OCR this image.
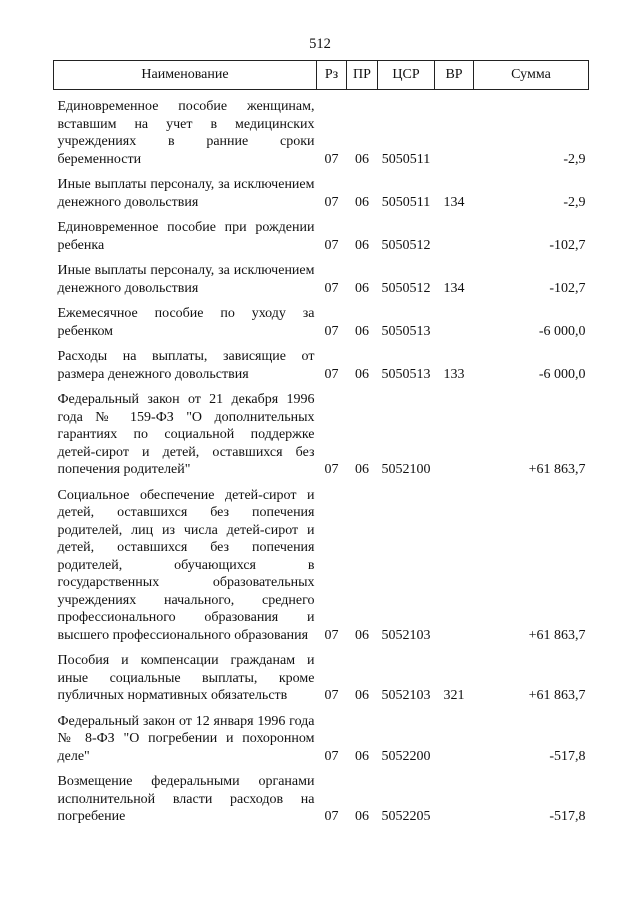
512
Наименование	Рз	ПР	ЦСР	ВР	Сумма
Единовременное пособие женщинам, вставшим на учет в медицинских учреждениях в ранние сроки беременности	07	06	5050511		-2,9
Иные выплаты персоналу, за исключением денежного довольствия	07	06	5050511	134	-2,9
Единовременное пособие при рождении ребенка	07	06	5050512		-102,7
Иные выплаты персоналу, за исключением денежного довольствия	07	06	5050512	134	-102,7
Ежемесячное пособие по уходу за ребенком	07	06	5050513		-6 000,0
Расходы на выплаты, зависящие от размера денежного довольствия	07	06	5050513	133	-6 000,0
Федеральный закон от 21 декабря 1996 года № 159-ФЗ "О дополнительных гарантиях по социальной поддержке детей-сирот и детей, оставшихся без попечения родителей"	07	06	5052100		+61 863,7
Социальное обеспечение детей-сирот и детей, оставшихся без попечения родителей, лиц из числа детей-сирот и детей, оставшихся без попечения родителей, обучающихся в государственных образовательных учреждениях начального, среднего профессионального образования и высшего профессионального образования	07	06	5052103		+61 863,7
Пособия и компенсации гражданам и иные социальные выплаты, кроме публичных нормативных обязательств	07	06	5052103	321	+61 863,7
Федеральный закон от 12 января 1996 года № 8-ФЗ "О погребении и похоронном деле"	07	06	5052200		-517,8
Возмещение федеральными органами исполнительной власти расходов на погребение	07	06	5052205		-517,8
